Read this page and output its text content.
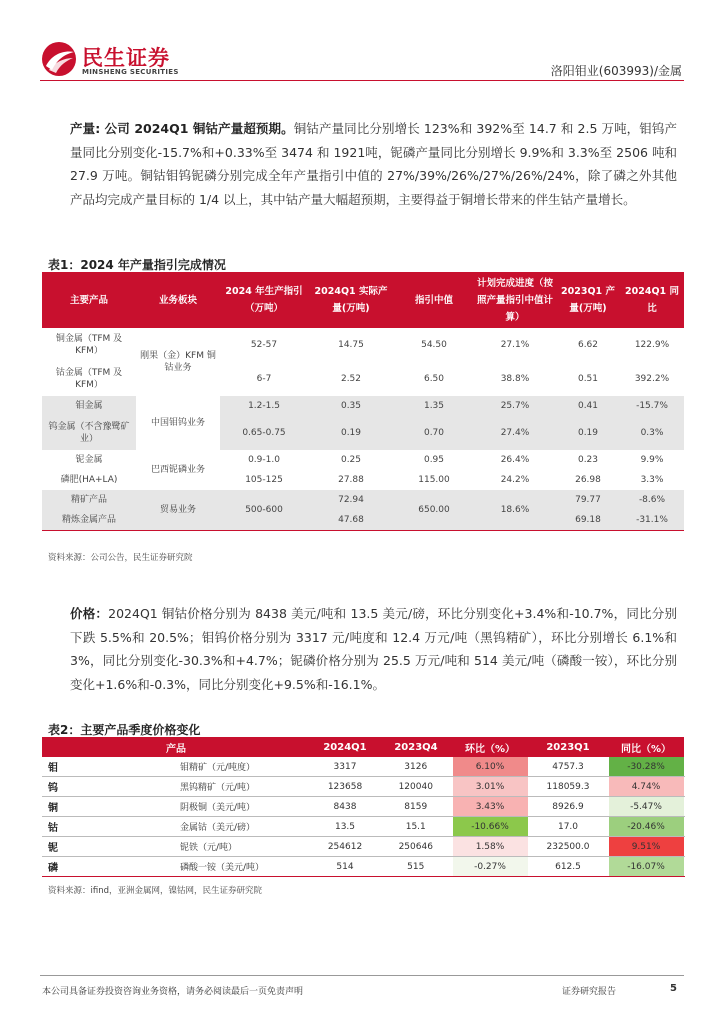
民生证券
MINSHENG SECURITIES	洛阳钼业(603993)/金属
产量: 公司 2024Q1 铜钴产量超预期。铜钴产量同比分别增长 123%和 392%至 14.7 和 2.5 万吨，钼钨产量同比分别变化-15.7%和+0.33%至 3474 和 1921吨，铌磷产量同比分别增长 9.9%和 3.3%至 2506 吨和 27.9 万吨。铜钴钼钨铌磷分别完成全年产量指引中值的 27%/39%/26%/27%/26%/24%，除了磷之外其他产品均完成产量目标的 1/4 以上，其中钴产量大幅超预期，主要得益于铜增长带来的伴生钴产量增长。
表1：2024 年产量指引完成情况
主要产品	业务板块	2024 年生产指引（万吨）	2024Q1 实际产量(万吨)	指引中值	计划完成进度（按照产量指引中值计算）	2023Q1 产量(万吨)	2024Q1 同比
铜金属（TFM 及 KFM）	刚果（金）KFM 铜钴业务	52-57	14.75	54.50	27.1%	6.62	122.9%
钴金属（TFM 及 KFM）		6-7	2.52	6.50	38.8%	0.51	392.2%
钼金属	中国钼钨业务	1.2-1.5	0.35	1.35	25.7%	0.41	-15.7%
钨金属（不含豫鹭矿业）		0.65-0.75	0.19	0.70	27.4%	0.19	0.3%
铌金属	巴西铌磷业务	0.9-1.0	0.25	0.95	26.4%	0.23	9.9%
磷肥(HA+LA)		105-125	27.88	115.00	24.2%	26.98	3.3%
精矿产品	贸易业务	500-600	72.94	650.00	18.6%	79.77	-8.6%
精炼金属产品			47.68			69.18	-31.1%
资料来源：公司公告，民生证券研究院
价格：2024Q1 铜钴价格分别为 8438 美元/吨和 13.5 美元/磅，环比分别变化+3.4%和-10.7%，同比分别下跌 5.5%和 20.5%；钼钨价格分别为 3317 元/吨度和 12.4 万元/吨（黑钨精矿），环比分别增长 6.1%和 3%，同比分别变化-30.3%和+4.7%；铌磷价格分别为 25.5 万元/吨和 514 美元/吨（磷酸一铵），环比分别变化+1.6%和-0.3%，同比分别变化+9.5%和-16.1%。
表2：主要产品季度价格变化
产品		2024Q1	2023Q4	环比（%）	2023Q1	同比（%）
钼	钼精矿（元/吨度）	3317	3126	6.10%	4757.3	-30.28%
钨	黑钨精矿（元/吨）	123658	120040	3.01%	118059.3	4.74%
铜	阴极铜（美元/吨）	8438	8159	3.43%	8926.9	-5.47%
钴	金属钴（美元/磅）	13.5	15.1	-10.66%	17.0	-20.46%
铌	铌铁（元/吨）	254612	250646	1.58%	232500.0	9.51%
磷	磷酸一铵（美元/吨）	514	515	-0.27%	612.5	-16.07%
资料来源：ifind，亚洲金属网，镍钴网，民生证券研究院
本公司具备证券投资咨询业务资格，请务必阅读最后一页免责声明	证券研究报告	5
